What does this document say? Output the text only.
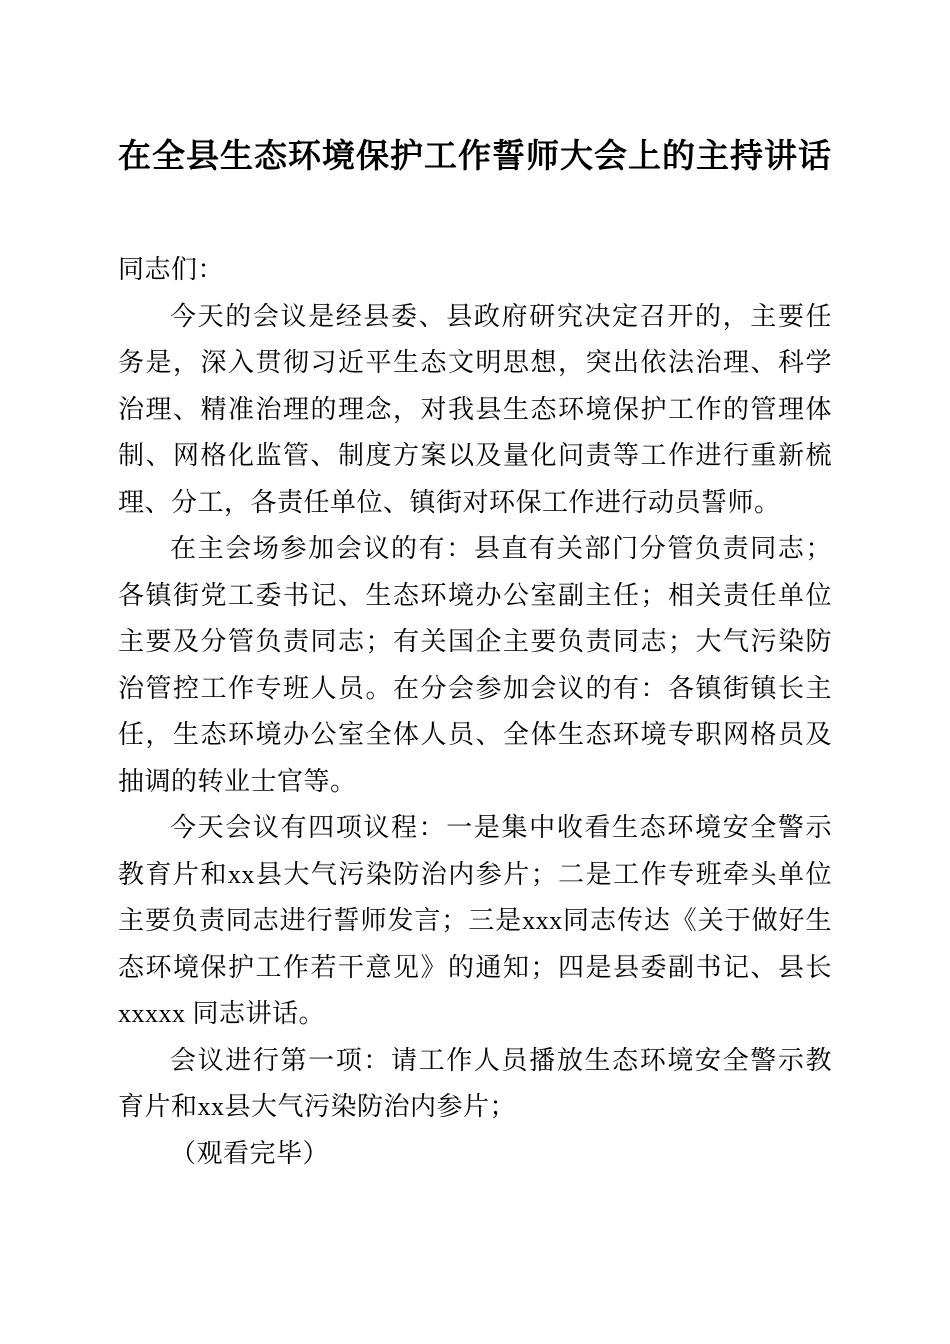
在全县生态环境保护工作誓师大会上的主持讲话

同志们：

今天的会议是经县委、县政府研究决定召开的，主要任务是，深入贯彻习近平生态文明思想，突出依法治理、科学治理、精准治理的理念，对我县生态环境保护工作的管理体制、网格化监管、制度方案以及量化问责等工作进行重新梳理、分工，各责任单位、镇街对环保工作进行动员誓师。

在主会场参加会议的有：县直有关部门分管负责同志；各镇街党工委书记、生态环境办公室副主任；相关责任单位主要及分管负责同志；有关国企主要负责同志；大气污染防治管控工作专班人员。在分会参加会议的有：各镇街镇长主任，生态环境办公室全体人员、全体生态环境专职网格员及抽调的转业士官等。

今天会议有四项议程：一是集中收看生态环境安全警示教育片和xx县大气污染防治内参片；二是工作专班牵头单位主要负责同志进行誓师发言；三是xxx同志传达《关于做好生态环境保护工作若干意见》的通知；四是县委副书记、县长 xxxxx 同志讲话。

会议进行第一项：请工作人员播放生态环境安全警示教育片和xx县大气污染防治内参片；

（观看完毕）
